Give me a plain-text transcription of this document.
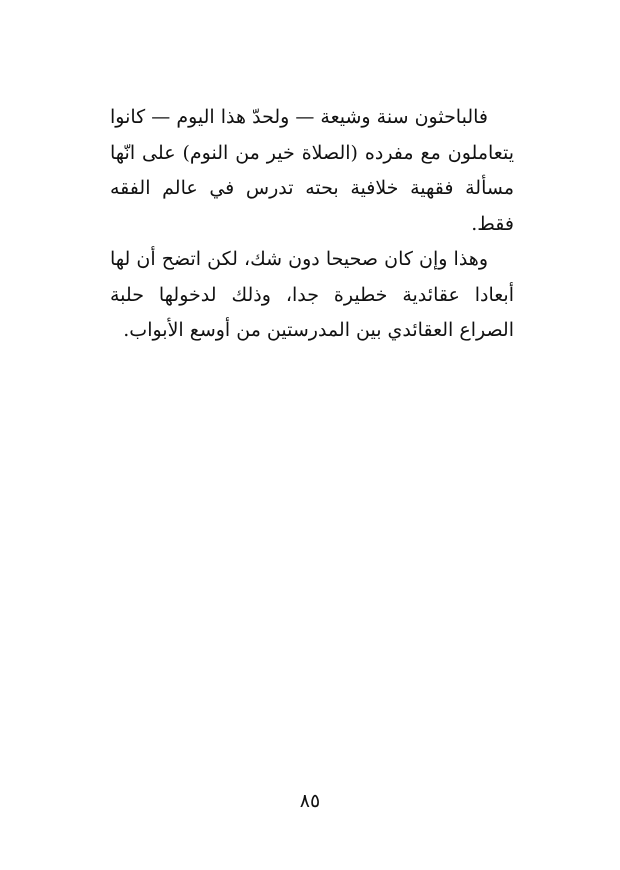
فالباحثون سنة وشيعة — ولحدّ هذا اليوم — كانوا يتعاملون مع مفرده (الصلاة خير من النوم) على انّها مسألة فقهية خلافية بحته تدرس في عالم الفقه فقط.

وهذا وإن كان صحيحا دون شك، لكن اتضح أن لها أبعادا عقائدية خطيرة جدا، وذلك لدخولها حلبة الصراع العقائدي بين المدرستين من أوسع الأبواب.

٨٥
